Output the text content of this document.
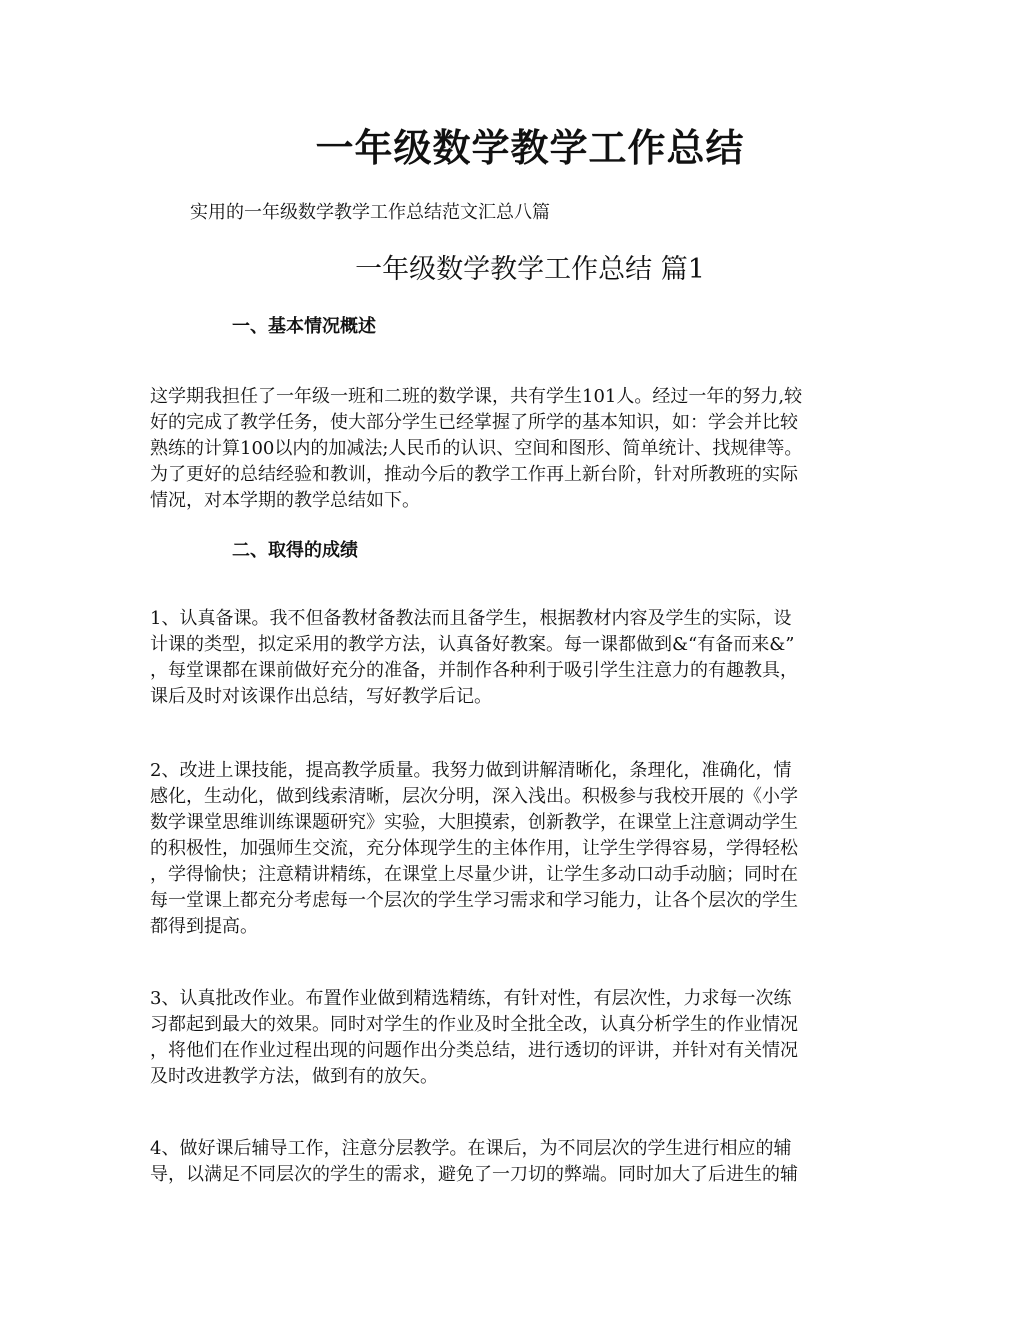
一年级数学教学工作总结
实用的一年级数学教学工作总结范文汇总八篇
一年级数学教学工作总结 篇1
一、基本情况概述
这学期我担任了一年级一班和二班的数学课，共有学生101人。经过一年的努力,较
好的完成了教学任务，使大部分学生已经掌握了所学的基本知识，如：学会并比较
熟练的计算100以内的加减法;人民币的认识、空间和图形、简单统计、找规律等。
为了更好的总结经验和教训，推动今后的教学工作再上新台阶，针对所教班的实际
情况，对本学期的教学总结如下。
二、取得的成绩
1、认真备课。我不但备教材备教法而且备学生，根据教材内容及学生的实际，设
计课的类型，拟定采用的教学方法，认真备好教案。每一课都做到&“有备而来&”
，每堂课都在课前做好充分的准备，并制作各种利于吸引学生注意力的有趣教具，
课后及时对该课作出总结，写好教学后记。
2、改进上课技能，提高教学质量。我努力做到讲解清晰化，条理化，准确化，情
感化，生动化，做到线索清晰，层次分明，深入浅出。积极参与我校开展的《小学
数学课堂思维训练课题研究》实验，大胆摸索，创新教学，在课堂上注意调动学生
的积极性，加强师生交流，充分体现学生的主体作用，让学生学得容易，学得轻松
，学得愉快；注意精讲精练，在课堂上尽量少讲，让学生多动口动手动脑；同时在
每一堂课上都充分考虑每一个层次的学生学习需求和学习能力，让各个层次的学生
都得到提高。
3、认真批改作业。布置作业做到精选精练，有针对性，有层次性，力求每一次练
习都起到最大的效果。同时对学生的作业及时全批全改，认真分析学生的作业情况
，将他们在作业过程出现的问题作出分类总结，进行透切的评讲，并针对有关情况
及时改进教学方法，做到有的放矢。
4、做好课后辅导工作，注意分层教学。在课后，为不同层次的学生进行相应的辅
导，以满足不同层次的学生的需求，避免了一刀切的弊端。同时加大了后进生的辅
